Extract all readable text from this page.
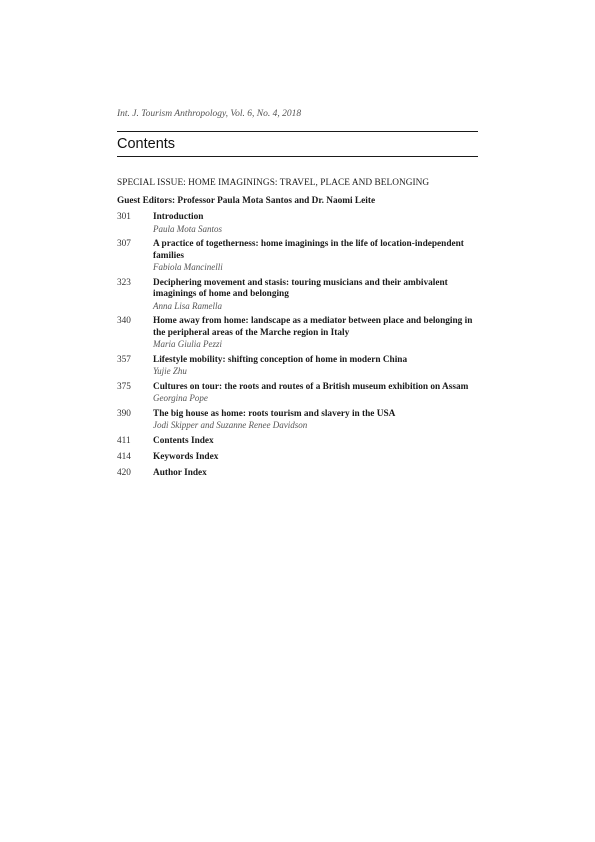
Int. J. Tourism Anthropology, Vol. 6, No. 4, 2018
Contents
SPECIAL ISSUE: HOME IMAGININGS: TRAVEL, PLACE AND BELONGING
Guest Editors: Professor Paula Mota Santos and Dr. Naomi Leite
301	Introduction
Paula Mota Santos
307	A practice of togetherness: home imaginings in the life of location-independent families
Fabiola Mancinelli
323	Deciphering movement and stasis: touring musicians and their ambivalent imaginings of home and belonging
Anna Lisa Ramella
340	Home away from home: landscape as a mediator between place and belonging in the peripheral areas of the Marche region in Italy
Maria Giulia Pezzi
357	Lifestyle mobility: shifting conception of home in modern China
Yujie Zhu
375	Cultures on tour: the roots and routes of a British museum exhibition on Assam
Georgina Pope
390	The big house as home: roots tourism and slavery in the USA
Jodi Skipper and Suzanne Renee Davidson
411	Contents Index
414	Keywords Index
420	Author Index
